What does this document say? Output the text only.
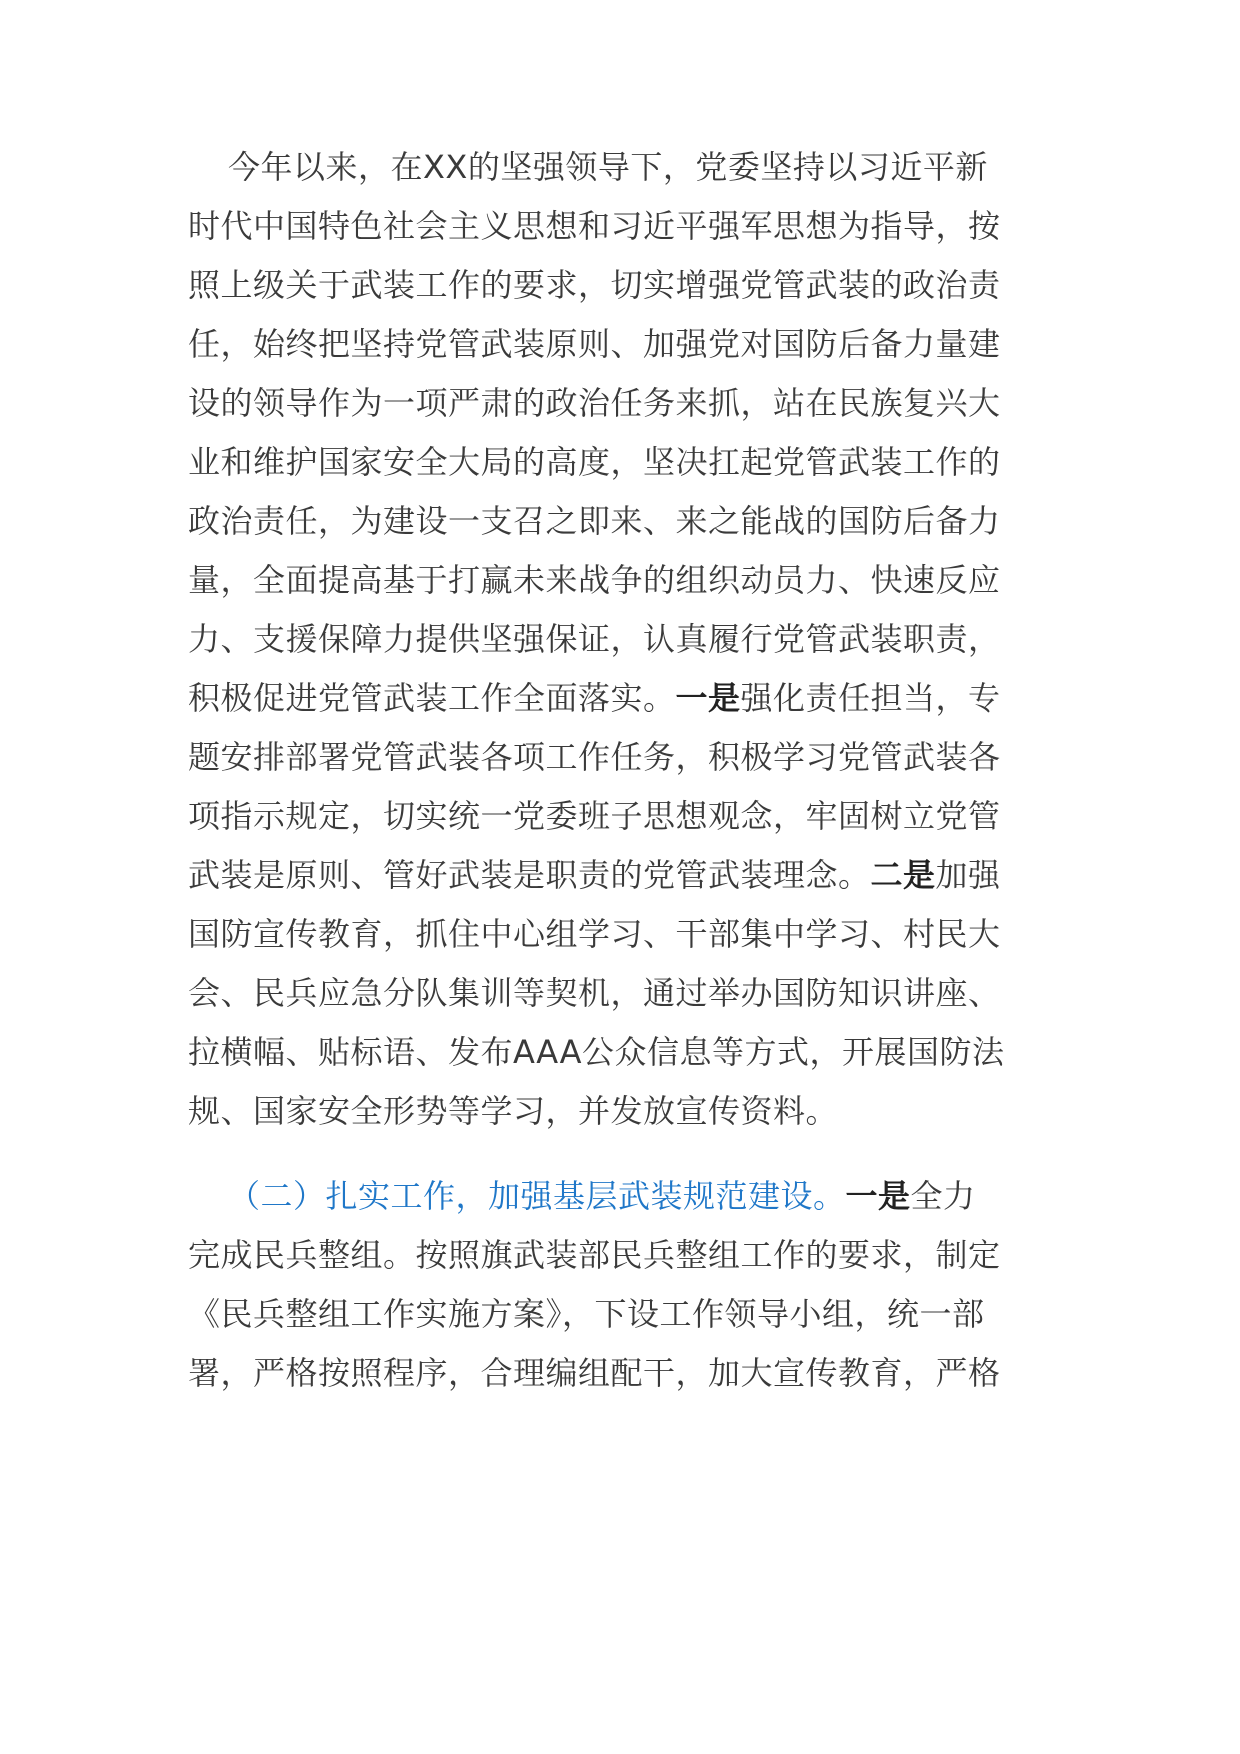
今年以来，在XX的坚强领导下，党委坚持以习近平新
时代中国特色社会主义思想和习近平强军思想为指导，按
照上级关于武装工作的要求，切实增强党管武装的政治责
任，始终把坚持党管武装原则、加强党对国防后备力量建
设的领导作为一项严肃的政治任务来抓，站在民族复兴大
业和维护国家安全大局的高度，坚决扛起党管武装工作的
政治责任，为建设一支召之即来、来之能战的国防后备力
量，全面提高基于打赢未来战争的组织动员力、快速反应
力、支援保障力提供坚强保证，认真履行党管武装职责，
积极促进党管武装工作全面落实。一是强化责任担当，专
题安排部署党管武装各项工作任务，积极学习党管武装各
项指示规定，切实统一党委班子思想观念，牢固树立党管
武装是原则、管好武装是职责的党管武装理念。二是加强
国防宣传教育，抓住中心组学习、干部集中学习、村民大
会、民兵应急分队集训等契机，通过举办国防知识讲座、
拉横幅、贴标语、发布AAA公众信息等方式，开展国防法
规、国家安全形势等学习，并发放宣传资料。
（二）扎实工作，加强基层武装规范建设。一是全力
完成民兵整组。按照旗武装部民兵整组工作的要求，制定
《民兵整组工作实施方案》，下设工作领导小组，统一部
署，严格按照程序，合理编组配干，加大宣传教育，严格
